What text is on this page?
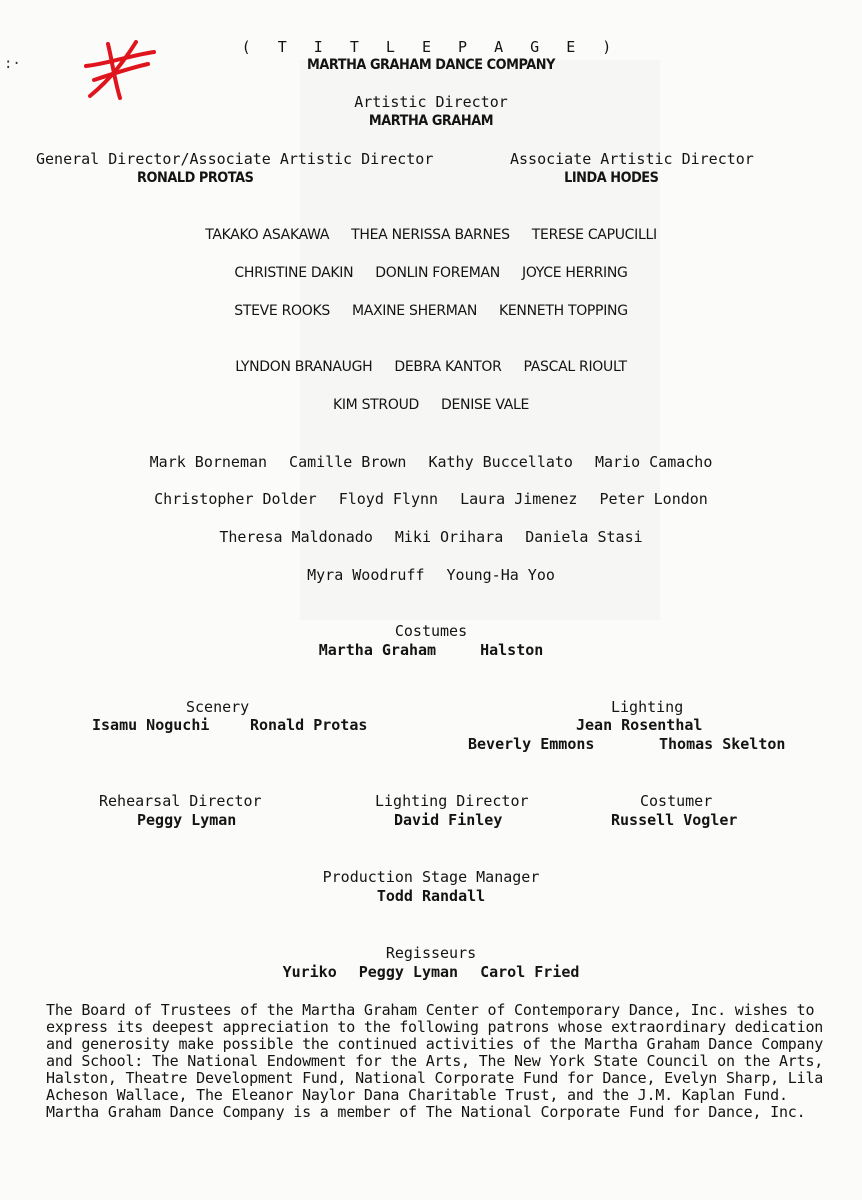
:·
( T I T L E P A G E )
MARTHA GRAHAM DANCE COMPANY
Artistic Director
MARTHA GRAHAM
General Director/Associate Artistic Director
RONALD PROTAS
Associate Artistic Director
LINDA HODES
TAKAKO ASAKAWA THEA NERISSA BARNES TERESE CAPUCILLI
CHRISTINE DAKIN DONLIN FOREMAN JOYCE HERRING
STEVE ROOKS MAXINE SHERMAN KENNETH TOPPING
LYNDON BRANAUGH DEBRA KANTOR PASCAL RIOULT
KIM STROUD DENISE VALE
Mark Borneman Camille Brown Kathy Buccellato Mario Camacho
Christopher Dolder Floyd Flynn Laura Jimenez Peter London
Theresa Maldonado Miki Orihara Daniela Stasi
Myra Woodruff Young-Ha Yoo
Costumes
Martha Graham	Halston
Scenery
Isamu Noguchi	Ronald Protas
Lighting
Jean Rosenthal
Beverly Emmons	Thomas Skelton
Rehearsal Director
Peggy Lyman
Lighting Director
David Finley
Costumer
Russell Vogler
Production Stage Manager
Todd Randall
Regisseurs
Yuriko Peggy Lyman Carol Fried
The Board of Trustees of the Martha Graham Center of Contemporary Dance, Inc. wishes to express its deepest appreciation to the following patrons whose extraordinary dedication and generosity make possible the continued activities of the Martha Graham Dance Company and School: The National Endowment for the Arts, The New York State Council on the Arts, Halston, Theatre Development Fund, National Corporate Fund for Dance, Evelyn Sharp, Lila Acheson Wallace, The Eleanor Naylor Dana Charitable Trust, and the J.M. Kaplan Fund. Martha Graham Dance Company is a member of The National Corporate Fund for Dance, Inc.
